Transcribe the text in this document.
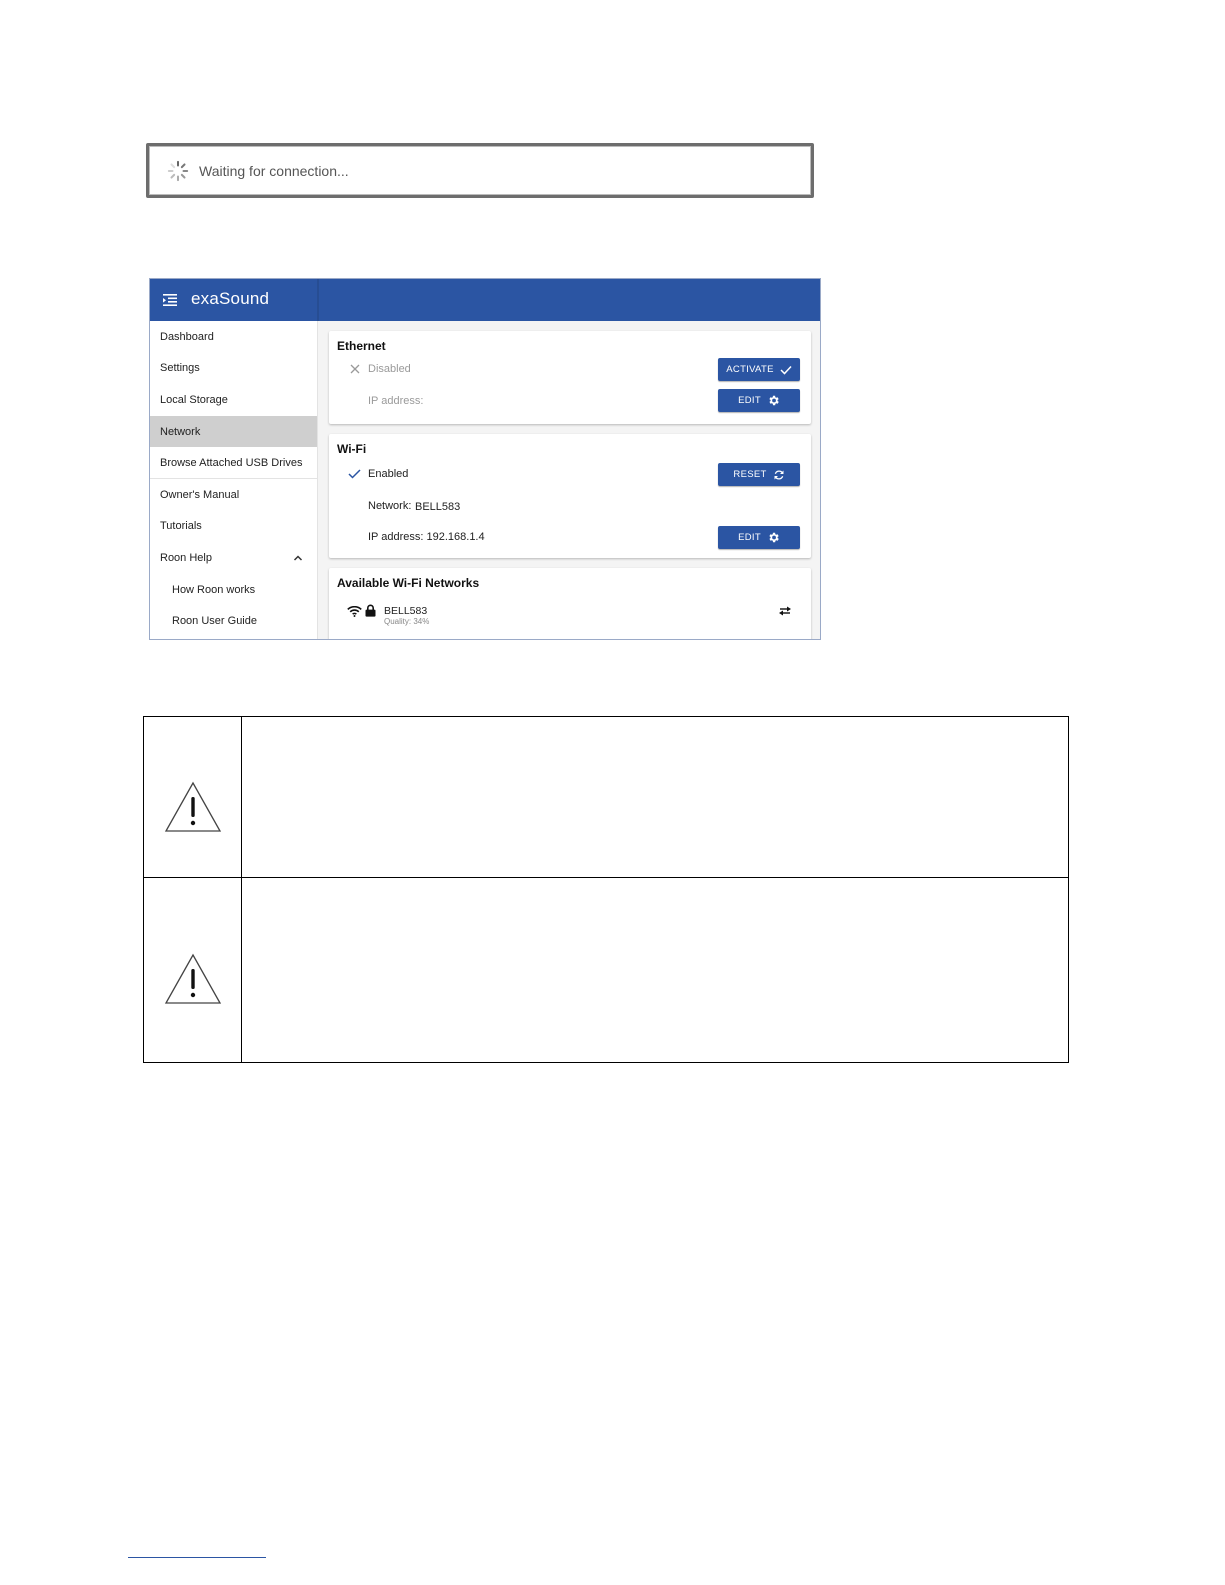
Waiting for connection...
exaSound
Dashboard
Settings
Local Storage
Network
Browse Attached USB Drives
Owner's Manual
Tutorials
Roon Help
How Roon works
Roon User Guide
Ethernet
Disabled
IP address:
ACTIVATE
EDIT
Wi-Fi
Enabled
Network: BELL583
IP address: 192.168.1.4
RESET
EDIT
Available Wi-Fi Networks
BELL583
Quality: 34%
